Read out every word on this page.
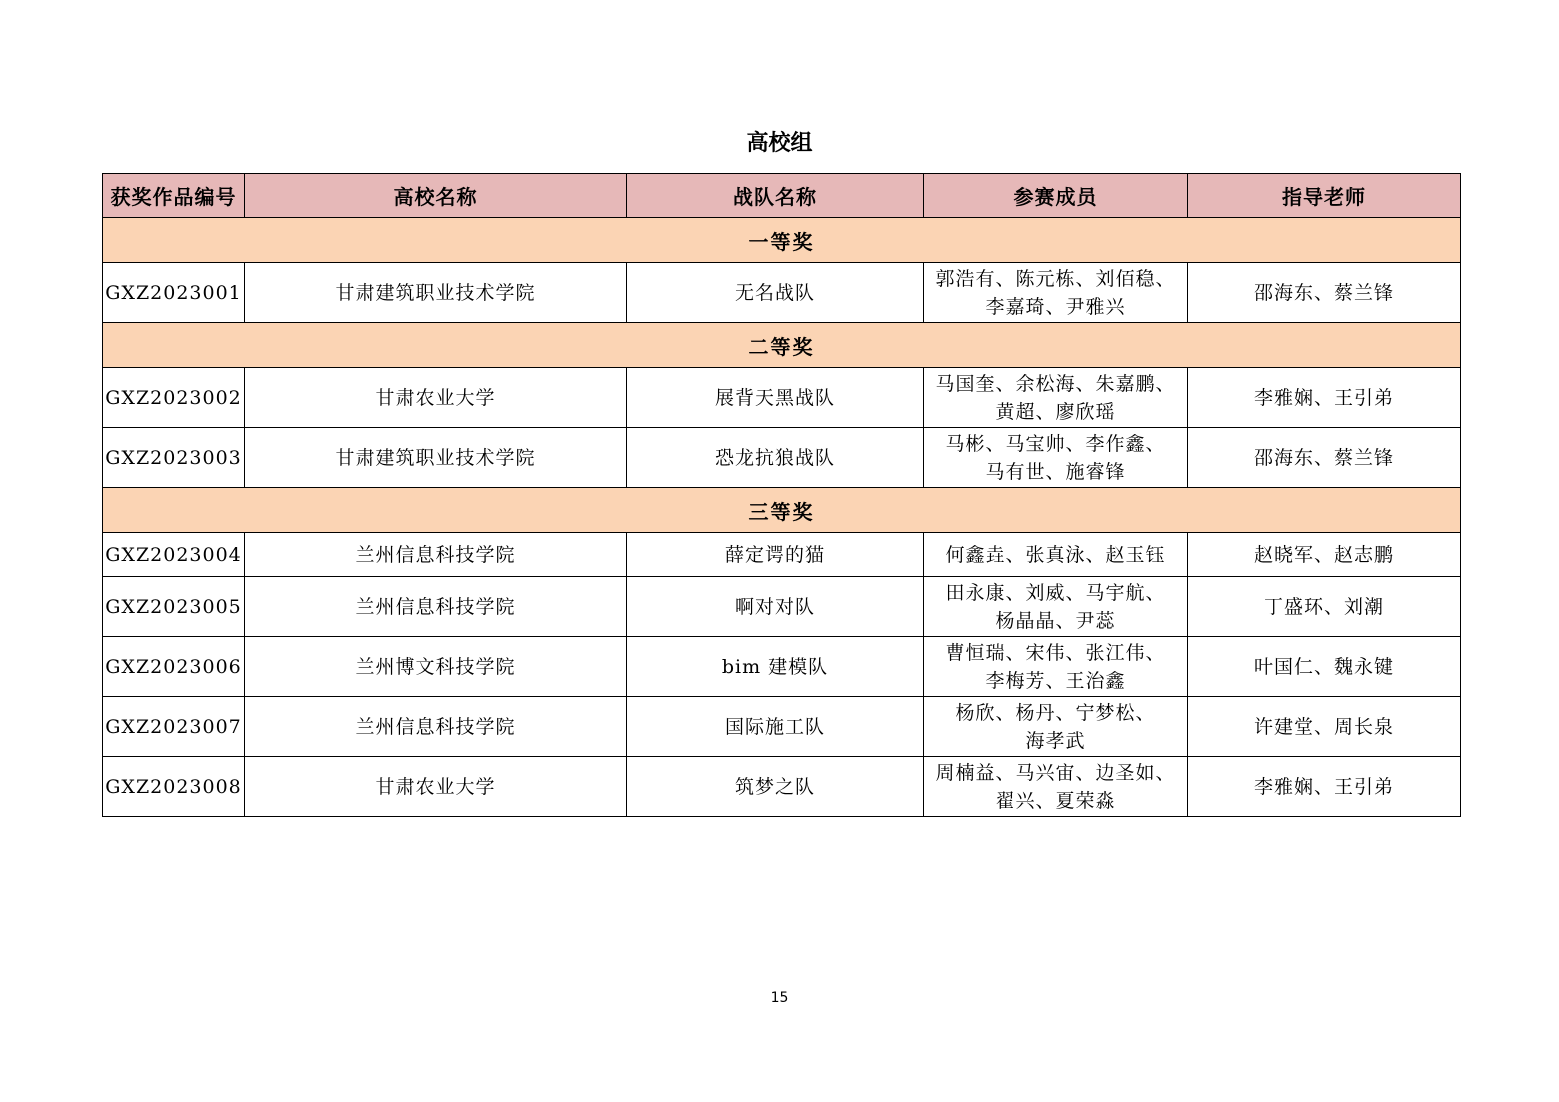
高校组
获奖作品编号	高校名称	战队名称	参赛成员	指导老师
一等奖				
GXZ2023001	甘肃建筑职业技术学院	无名战队	郭浩有、陈元栋、刘佰稳、
李嘉琦、尹雅兴	邵海东、蔡兰锋
二等奖				
GXZ2023002	甘肃农业大学	展背天黑战队	马国奎、余松海、朱嘉鹏、
黄超、廖欣瑶	李雅娴、王引弟
GXZ2023003	甘肃建筑职业技术学院	恐龙抗狼战队	马彬、马宝帅、李作鑫、
马有世、施睿锋	邵海东、蔡兰锋
三等奖				
GXZ2023004	兰州信息科技学院	薛定谔的猫	何鑫垚、张真泳、赵玉钰	赵晓军、赵志鹏
GXZ2023005	兰州信息科技学院	啊对对队	田永康、刘威、马宇航、
杨晶晶、尹蕊	丁盛环、刘潮
GXZ2023006	兰州博文科技学院	bim 建模队	曹恒瑞、宋伟、张江伟、
李梅芳、王治鑫	叶国仁、魏永键
GXZ2023007	兰州信息科技学院	国际施工队	杨欣、杨丹、宁梦松、
海孝武	许建堂、周长泉
GXZ2023008	甘肃农业大学	筑梦之队	周楠益、马兴宙、边圣如、
翟兴、夏荣淼	李雅娴、王引弟
15
